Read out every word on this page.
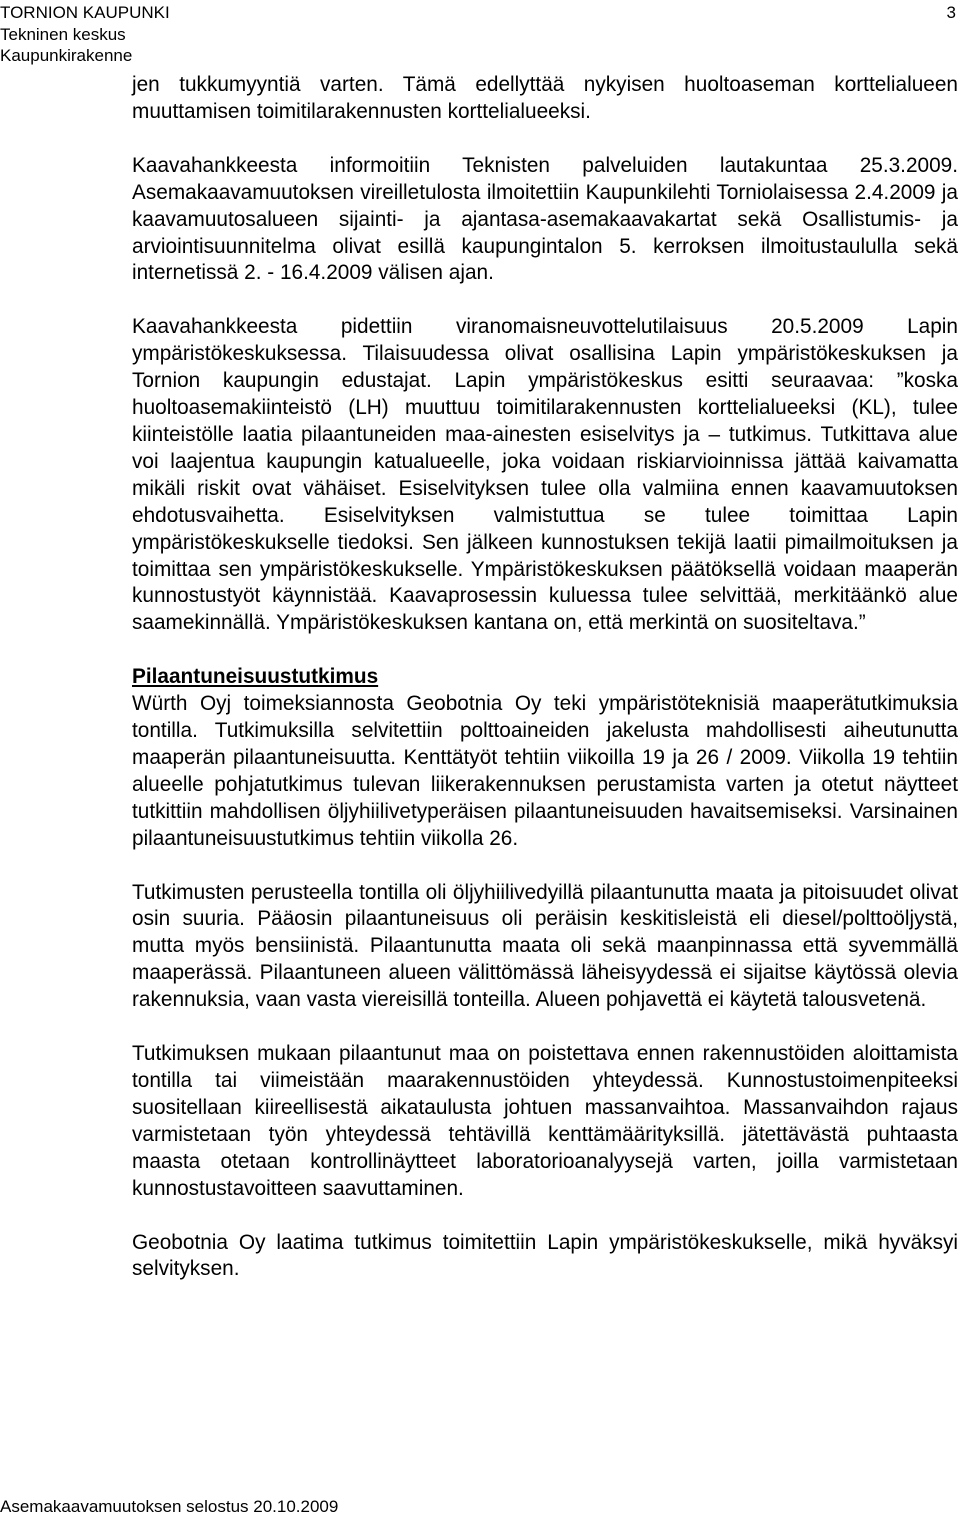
TORNION KAUPUNKI
Tekninen keskus
Kaupunkirakenne
3

jen tukkumyyntiä varten. Tämä edellyttää nykyisen huoltoaseman korttelialueen muuttamisen toimitilarakennusten korttelialueeksi.

Kaavahankkeesta informoitiin Teknisten palveluiden lautakuntaa 25.3.2009. Asemakaavamuutoksen vireilletulosta ilmoitettiin Kaupunkilehti Torniolaisessa 2.4.2009 ja kaavamuutosalueen sijainti- ja ajantasa-asemakaavakartat sekä Osallistumis- ja arviointisuunnitelma olivat esillä kaupungintalon 5. kerroksen ilmoitustaululla sekä internetissä 2. - 16.4.2009 välisen ajan.

Kaavahankkeesta pidettiin viranomaisneuvottelutilaisuus 20.5.2009 Lapin ympäristökeskuksessa. Tilaisuudessa olivat osallisina Lapin ympäristökeskuksen ja Tornion kaupungin edustajat. Lapin ympäristökeskus esitti seuraavaa: ”koska huoltoasemakiinteistö (LH) muuttuu toimitilarakennusten korttelialueeksi (KL), tulee kiinteistölle laatia pilaantuneiden maa-ainesten esiselvitys ja – tutkimus. Tutkittava alue voi laajentua kaupungin katualueelle, joka voidaan riskiarvioinnissa jättää kaivamatta mikäli riskit ovat vähäiset. Esiselvityksen tulee olla valmiina ennen kaavamuutoksen ehdotusvaihetta. Esiselvityksen valmistuttua se tulee toimittaa Lapin ympäristökeskukselle tiedoksi. Sen jälkeen kunnostuksen tekijä laatii pimailmoituksen ja toimittaa sen ympäristökeskukselle. Ympäristökeskuksen päätöksellä voidaan maaperän kunnostustyöt käynnistää. Kaavaprosessin kuluessa tulee selvittää, merkitäänkö alue saamekinnällä. Ympäristökeskuksen kantana on, että merkintä on suositeltava.”

Pilaantuneisuustutkimus

Würth Oyj toimeksiannosta Geobotnia Oy teki ympäristöteknisiä maaperätutkimuksia tontilla. Tutkimuksilla selvitettiin polttoaineiden jakelusta mahdollisesti aiheutunutta maaperän pilaantuneisuutta. Kenttätyöt tehtiin viikoilla 19 ja 26 / 2009. Viikolla 19 tehtiin alueelle pohjatutkimus tulevan liikerakennuksen perustamista varten ja otetut näytteet tutkittiin mahdollisen öljyhiilivetyperäisen pilaantuneisuuden havaitsemiseksi. Varsinainen pilaantuneisuustutkimus tehtiin viikolla 26.

Tutkimusten perusteella tontilla oli öljyhiilivedyillä pilaantunutta maata ja pitoisuudet olivat osin suuria. Pääosin pilaantuneisuus oli peräisin keskitisleistä eli diesel/polttoöljystä, mutta myös bensiinistä. Pilaantunutta maata oli sekä maanpinnassa että syvemmällä maaperässä. Pilaantuneen alueen välittömässä läheisyydessä ei sijaitse käytössä olevia rakennuksia, vaan vasta viereisillä tonteilla. Alueen pohjavettä ei käytetä talousvetenä.

Tutkimuksen mukaan pilaantunut maa on poistettava ennen rakennustöiden aloittamista tontilla tai viimeistään maarakennustöiden yhteydessä. Kunnostustoimenpiteeksi suositellaan kiireellisestä aikataulusta johtuen massanvaihtoa. Massanvaihdon rajaus varmistetaan työn yhteydessä tehtävillä kenttämäärityksillä. jätettävästä puhtaasta maasta otetaan kontrollinäytteet laboratorioanalyysejä varten, joilla varmistetaan kunnostustavoitteen saavuttaminen.

Geobotnia Oy laatima tutkimus toimitettiin Lapin ympäristökeskukselle, mikä hyväksyi selvityksen.

Asemakaavamuutoksen selostus 20.10.2009
